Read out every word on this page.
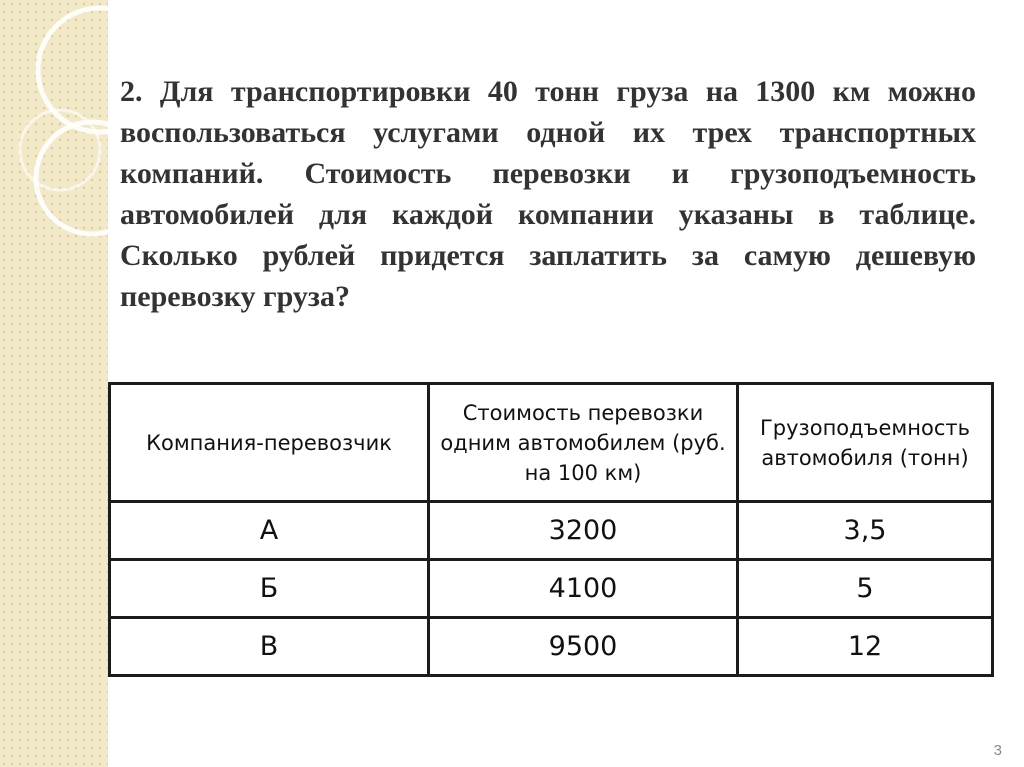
2. Для транспортировки 40 тонн груза на 1300 км можно воспользоваться услугами одной их трех транспортных компаний. Стоимость перевозки и грузоподъемность автомобилей для каждой компании указаны в таблице. Сколько рублей придется заплатить за самую дешевую перевозку груза?

Компания-перевозчик	Стоимость перевозки одним автомобилем (руб. на 100 км)	Грузоподъемность автомобиля (тонн)
А	3200	3,5
Б	4100	5
В	9500	12
3
